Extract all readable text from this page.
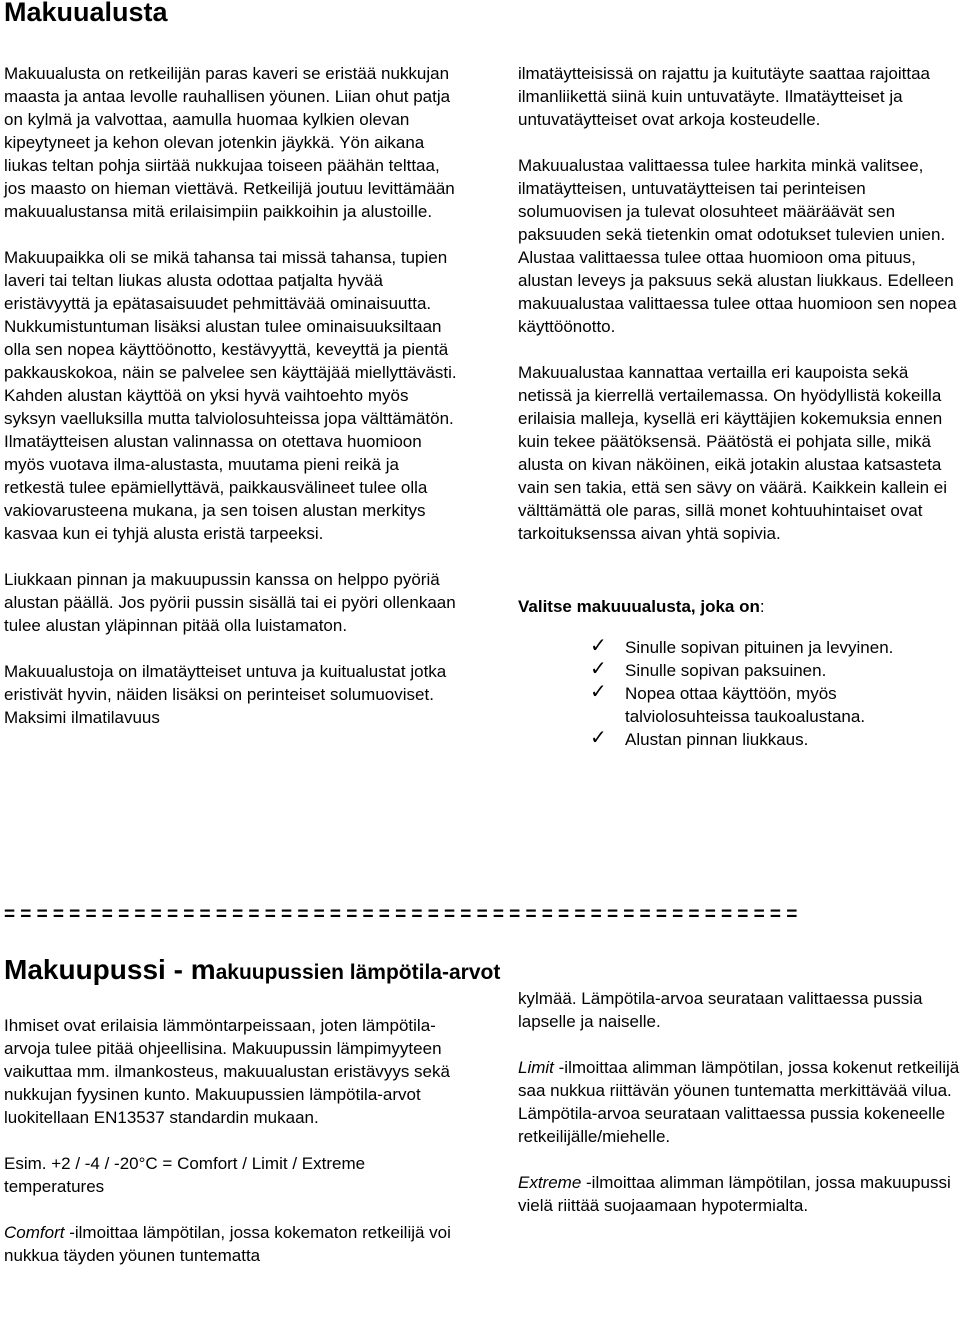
Makuualusta

Makuualusta on retkeilijän paras kaveri se eristää nukkujan maasta ja antaa levolle rauhallisen yöunen. Liian ohut patja on kylmä ja valvottaa, aamulla huomaa kylkien olevan kipeytyneet ja kehon olevan jotenkin jäykkä. Yön aikana liukas teltan pohja siirtää nukkujaa toiseen päähän telttaa, jos maasto on hieman viettävä. Retkeilijä joutuu levittämään makuualustansa mitä erilaisimpiin paikkoihin ja alustoille.

Makuupaikka oli se mikä tahansa tai missä tahansa, tupien laveri tai teltan liukas alusta odottaa patjalta hyvää eristävyyttä ja epätasaisuudet pehmittävää ominaisuutta. Nukkumistuntuman lisäksi alustan tulee ominaisuuksiltaan olla sen nopea käyttöönotto, kestävyyttä, keveyttä ja pientä pakkauskokoa, näin se palvelee sen käyttäjää miellyttävästi. Kahden alustan käyttöä on yksi hyvä vaihtoehto myös syksyn vaelluksilla mutta talviolosuhteissa jopa välttämätön. Ilmatäytteisen alustan valinnassa on otettava huomioon myös vuotava ilma-alustasta, muutama pieni reikä ja retkestä tulee epämiellyttävä, paikkausvälineet tulee olla vakiovarusteena mukana, ja sen toisen alustan merkitys kasvaa kun ei tyhjä alusta eristä tarpeeksi.

Liukkaan pinnan ja makuupussin kanssa on helppo pyöriä alustan päällä. Jos pyörii pussin sisällä tai ei pyöri ollenkaan tulee alustan yläpinnan pitää olla luistamaton.

Makuualustoja on ilmatäytteiset untuva ja kuitualustat jotka eristivät hyvin, näiden lisäksi on perinteiset solumuoviset. Maksimi ilmatilavuus

ilmatäytteisissä on rajattu ja kuitutäyte saattaa rajoittaa ilmanliikettä siinä kuin untuvatäyte. Ilmatäytteiset ja untuvatäytteiset ovat arkoja kosteudelle.

Makuualustaa valittaessa tulee harkita minkä valitsee, ilmatäytteisen, untuvatäytteisen tai perinteisen solumuovisen ja tulevat olosuhteet määräävät sen paksuuden sekä tietenkin omat odotukset tulevien unien. Alustaa valittaessa tulee ottaa huomioon oma pituus, alustan leveys ja paksuus sekä alustan liukkaus. Edelleen makuualustaa valittaessa tulee ottaa huomioon sen nopea käyttöönotto.

Makuualustaa kannattaa vertailla eri kaupoista sekä netissä ja kierrellä vertailemassa. On hyödyllistä kokeilla erilaisia malleja, kysellä eri käyttäjien kokemuksia ennen kuin tekee päätöksensä. Päätöstä ei pohjata sille, mikä alusta on kivan näköinen, eikä jotakin alustaa katsasteta vain sen takia, että sen sävy on väärä. Kaikkein kallein ei välttämättä ole paras, sillä monet kohtuuhintaiset ovat tarkoituksenssa aivan yhtä sopivia.

Valitse makuuualusta, joka on:

✓ Sinulle sopivan pituinen ja levyinen.
✓ Sinulle sopivan paksuinen.
✓ Nopea ottaa käyttöön, myös talviolosuhteissa taukoalustana.
✓ Alustan pinnan liukkaus.
=================================================
Makuupussi - makuupussien lämpötila-arvot

Ihmiset ovat erilaisia lämmöntarpeissaan, joten lämpötila-arvoja tulee pitää ohjeellisina. Makuupussin lämpimyyteen vaikuttaa mm. ilmankosteus, makuualustan eristävyys sekä nukkujan fyysinen kunto. Makuupussien lämpötila-arvot luokitellaan EN13537 standardin mukaan.

Esim. +2 / -4 / -20°C = Comfort / Limit / Extreme temperatures

Comfort -ilmoittaa lämpötilan, jossa kokematon retkeilijä voi nukkua täyden yöunen tuntematta

kylmää. Lämpötila-arvoa seurataan valittaessa pussia lapselle ja naiselle.

Limit -ilmoittaa alimman lämpötilan, jossa kokenut retkeilijä saa nukkua riittävän yöunen tuntematta merkittävää vilua. Lämpötila-arvoa seurataan valittaessa pussia kokeneelle retkeilijälle/miehelle.

Extreme -ilmoittaa alimman lämpötilan, jossa makuupussi vielä riittää suojaamaan hypotermialta.
